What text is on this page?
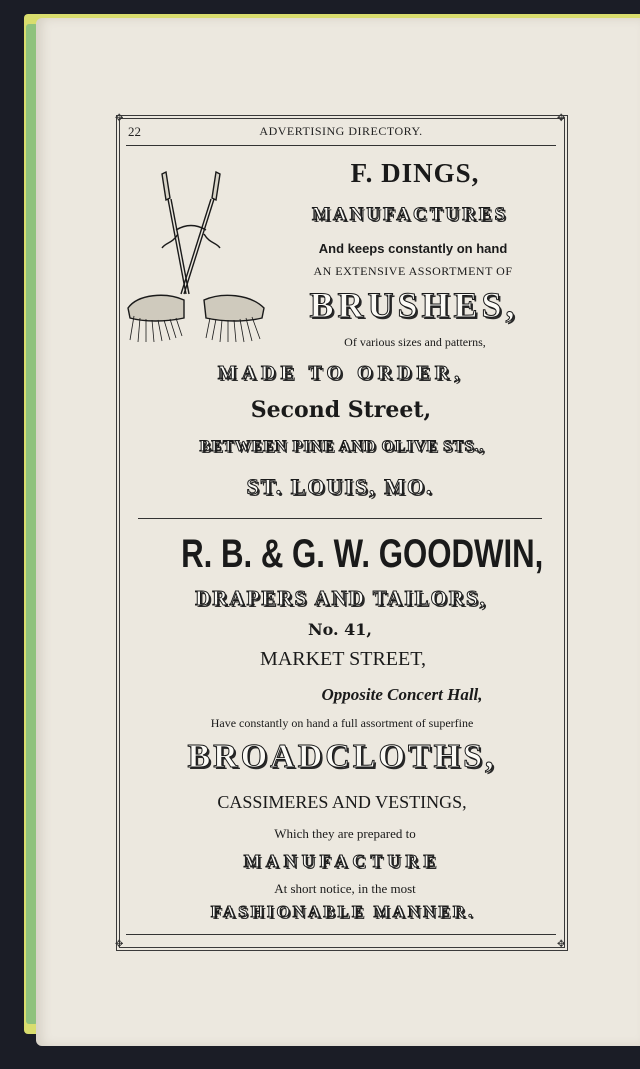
✥	✥
✥	✥
22	ADVERTISING DIRECTORY.
F. DINGS,
MANUFACTURES
And keeps constantly on hand
AN EXTENSIVE ASSORTMENT OF
BRUSHES,
Of various sizes and patterns,
MADE TO ORDER,
Second Street,
BETWEEN PINE AND OLIVE STS.,
ST. LOUIS, MO.
R. B. & G. W. GOODWIN,
DRAPERS AND TAILORS,
No. 41,
MARKET STREET,
Opposite Concert Hall,
Have constantly on hand a full assortment of superfine
BROADCLOTHS,
CASSIMERES AND VESTINGS,
Which they are prepared to
MANUFACTURE
At short notice, in the most
FASHIONABLE MANNER.
